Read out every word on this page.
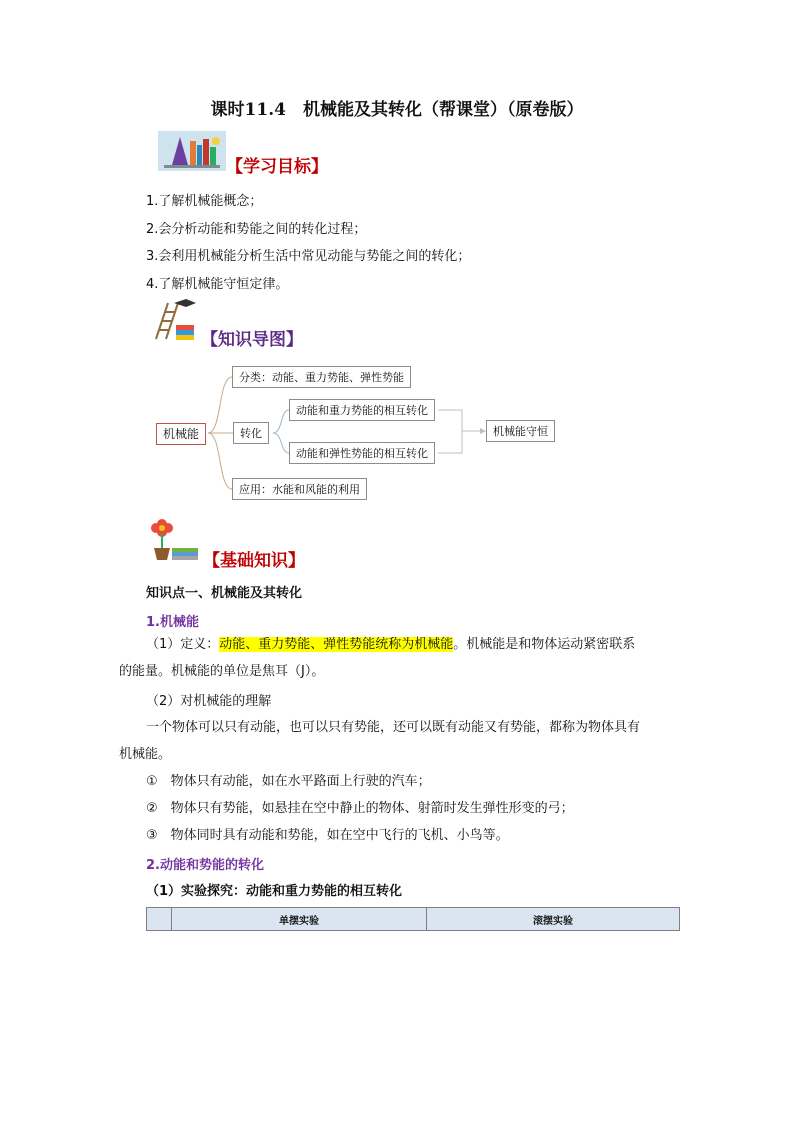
课时11.4　机械能及其转化（帮课堂）（原卷版）
【学习目标】
1.了解机械能概念；
2.会分析动能和势能之间的转化过程；
3.会利用机械能分析生活中常见动能与势能之间的转化；
4.了解机械能守恒定律。
【知识导图】
机械能
分类：动能、重力势能、弹性势能
转化
动能和重力势能的相互转化
动能和弹性势能的相互转化
机械能守恒
应用：水能和风能的利用
【基础知识】
知识点一、机械能及其转化
1.机械能
（1）定义：动能、重力势能、弹性势能统称为机械能。机械能是和物体运动紧密联系
的能量。机械能的单位是焦耳（J）。
（2）对机械能的理解
一个物体可以只有动能，也可以只有势能，还可以既有动能又有势能，都称为物体具有
机械能。
①　物体只有动能，如在水平路面上行驶的汽车；
②　物体只有势能，如悬挂在空中静止的物体、射箭时发生弹性形变的弓；
③　物体同时具有动能和势能，如在空中飞行的飞机、小鸟等。
2.动能和势能的转化
（1）实验探究：动能和重力势能的相互转化
	单摆实验	滚摆实验
